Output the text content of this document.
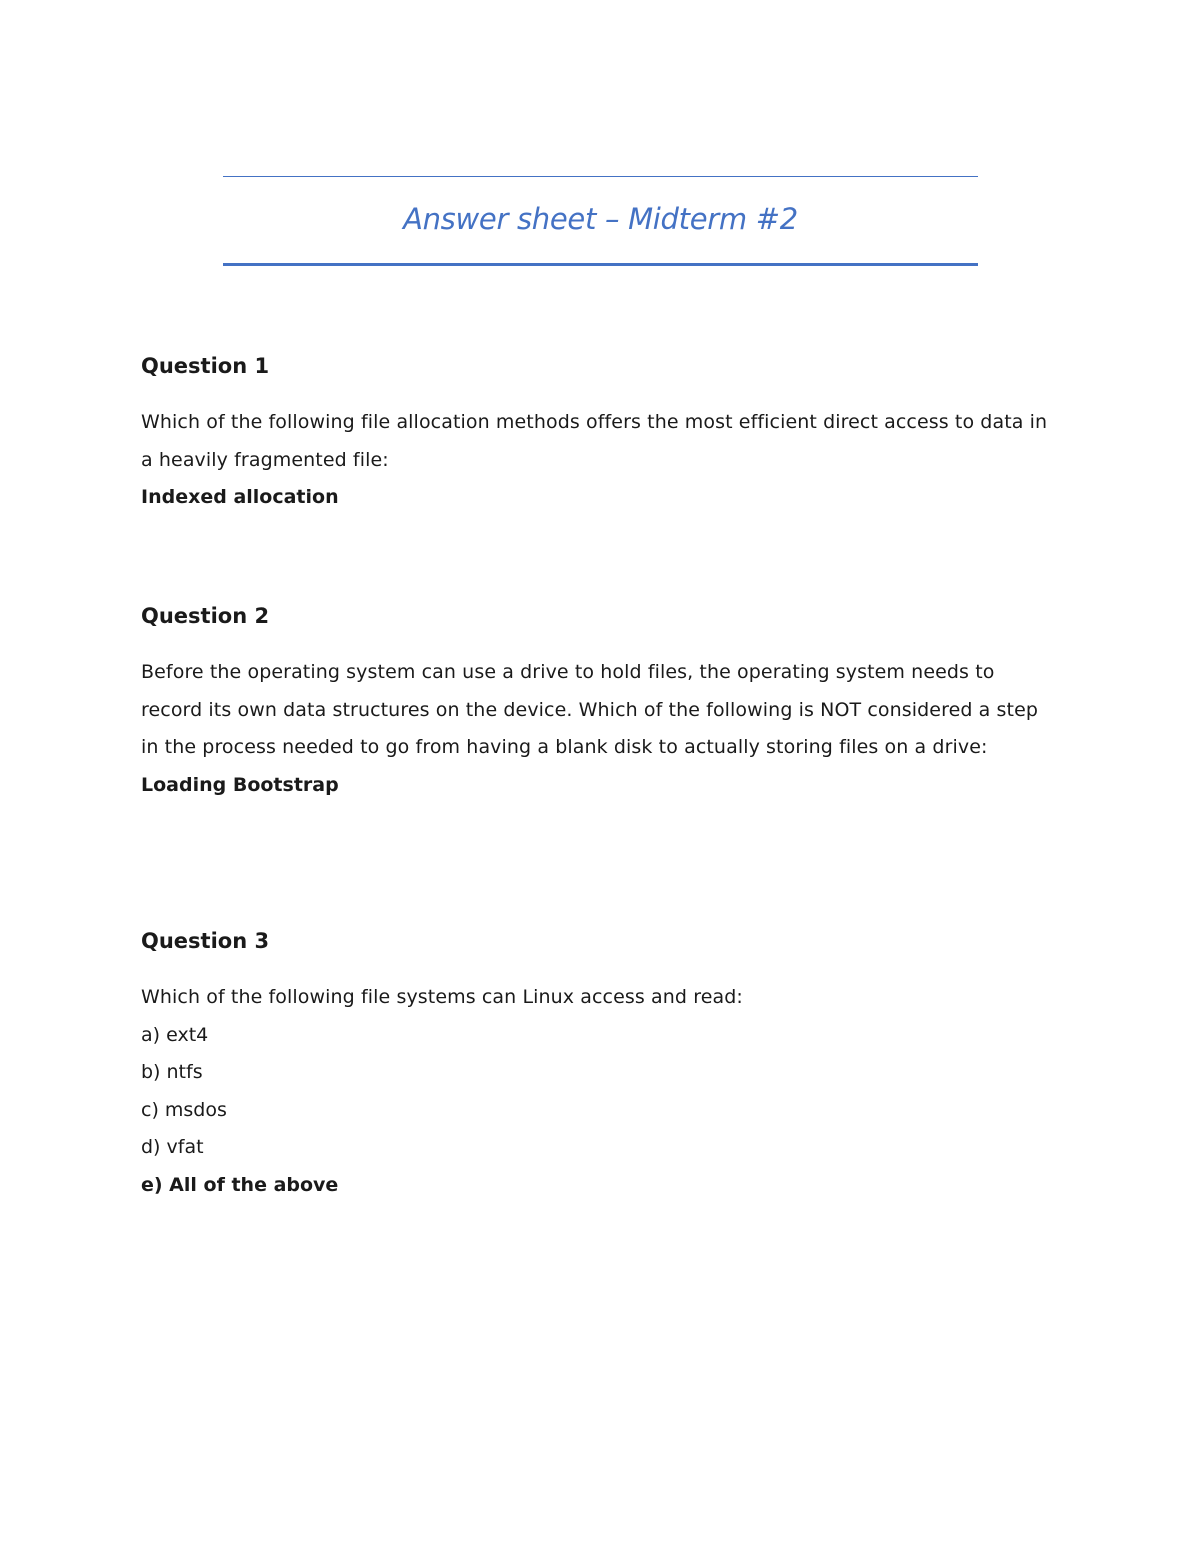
Answer sheet – Midterm #2

Question 1

Which of the following file allocation methods offers the most efficient direct access to data in a heavily fragmented file:

Indexed allocation

Question 2

Before the operating system can use a drive to hold files, the operating system needs to record its own data structures on the device. Which of the following is NOT considered a step in the process needed to go from having a blank disk to actually storing files on a drive:

Loading Bootstrap

Question 3

Which of the following file systems can Linux access and read:

a) ext4

b) ntfs

c) msdos

d) vfat

e) All of the above
